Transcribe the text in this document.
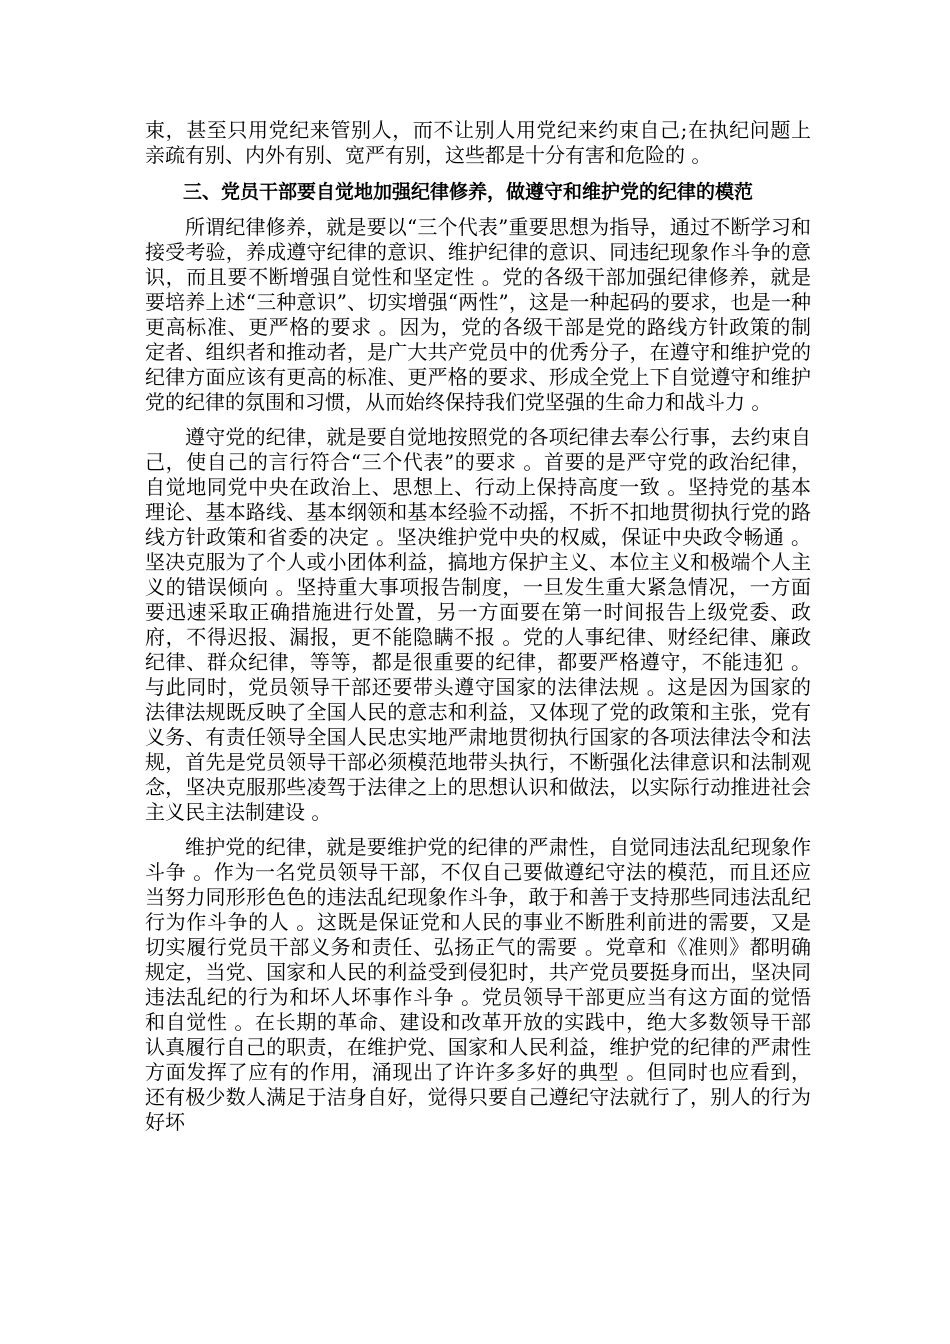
束，甚至只用党纪来管别人，而不让别人用党纪来约束自己;在执纪问题上亲疏有别、内外有别、宽严有别，这些都是十分有害和危险的 。

三、党员干部要自觉地加强纪律修养，做遵守和维护党的纪律的模范

所谓纪律修养，就是要以“三个代表”重要思想为指导，通过不断学习和接受考验，养成遵守纪律的意识、维护纪律的意识、同违纪现象作斗争的意识，而且要不断增强自觉性和坚定性 。党的各级干部加强纪律修养，就是要培养上述“三种意识”、切实增强“两性”，这是一种起码的要求，也是一种更高标准、更严格的要求 。因为，党的各级干部是党的路线方针政策的制定者、组织者和推动者，是广大共产党员中的优秀分子，在遵守和维护党的纪律方面应该有更高的标准、更严格的要求、形成全党上下自觉遵守和维护党的纪律的氛围和习惯，从而始终保持我们党坚强的生命力和战斗力 。

遵守党的纪律，就是要自觉地按照党的各项纪律去奉公行事，去约束自己，使自己的言行符合“三个代表”的要求 。首要的是严守党的政治纪律，自觉地同党中央在政治上、思想上、行动上保持高度一致 。坚持党的基本理论、基本路线、基本纲领和基本经验不动摇，不折不扣地贯彻执行党的路线方针政策和省委的决定 。坚决维护党中央的权威，保证中央政令畅通 。坚决克服为了个人或小团体利益，搞地方保护主义、本位主义和极端个人主义的错误倾向 。坚持重大事项报告制度，一旦发生重大紧急情况，一方面要迅速采取正确措施进行处置，另一方面要在第一时间报告上级党委、政府，不得迟报、漏报，更不能隐瞒不报 。党的人事纪律、财经纪律、廉政纪律、群众纪律，等等，都是很重要的纪律，都要严格遵守，不能违犯 。与此同时，党员领导干部还要带头遵守国家的法律法规 。这是因为国家的法律法规既反映了全国人民的意志和利益，又体现了党的政策和主张，党有义务、有责任领导全国人民忠实地严肃地贯彻执行国家的各项法律法令和法规，首先是党员领导干部必须模范地带头执行，不断强化法律意识和法制观念，坚决克服那些凌驾于法律之上的思想认识和做法，以实际行动推进社会主义民主法制建设 。

维护党的纪律，就是要维护党的纪律的严肃性，自觉同违法乱纪现象作斗争 。作为一名党员领导干部，不仅自己要做遵纪守法的模范，而且还应当努力同形形色色的违法乱纪现象作斗争，敢于和善于支持那些同违法乱纪行为作斗争的人 。这既是保证党和人民的事业不断胜利前进的需要，又是切实履行党员干部义务和责任、弘扬正气的需要 。党章和《准则》都明确规定，当党、国家和人民的利益受到侵犯时，共产党员要挺身而出，坚决同违法乱纪的行为和坏人坏事作斗争 。党员领导干部更应当有这方面的觉悟和自觉性 。在长期的革命、建设和改革开放的实践中，绝大多数领导干部认真履行自己的职责，在维护党、国家和人民利益，维护党的纪律的严肃性方面发挥了应有的作用，涌现出了许许多多好的典型 。但同时也应看到，还有极少数人满足于洁身自好，觉得只要自己遵纪守法就行了，别人的行为好坏
